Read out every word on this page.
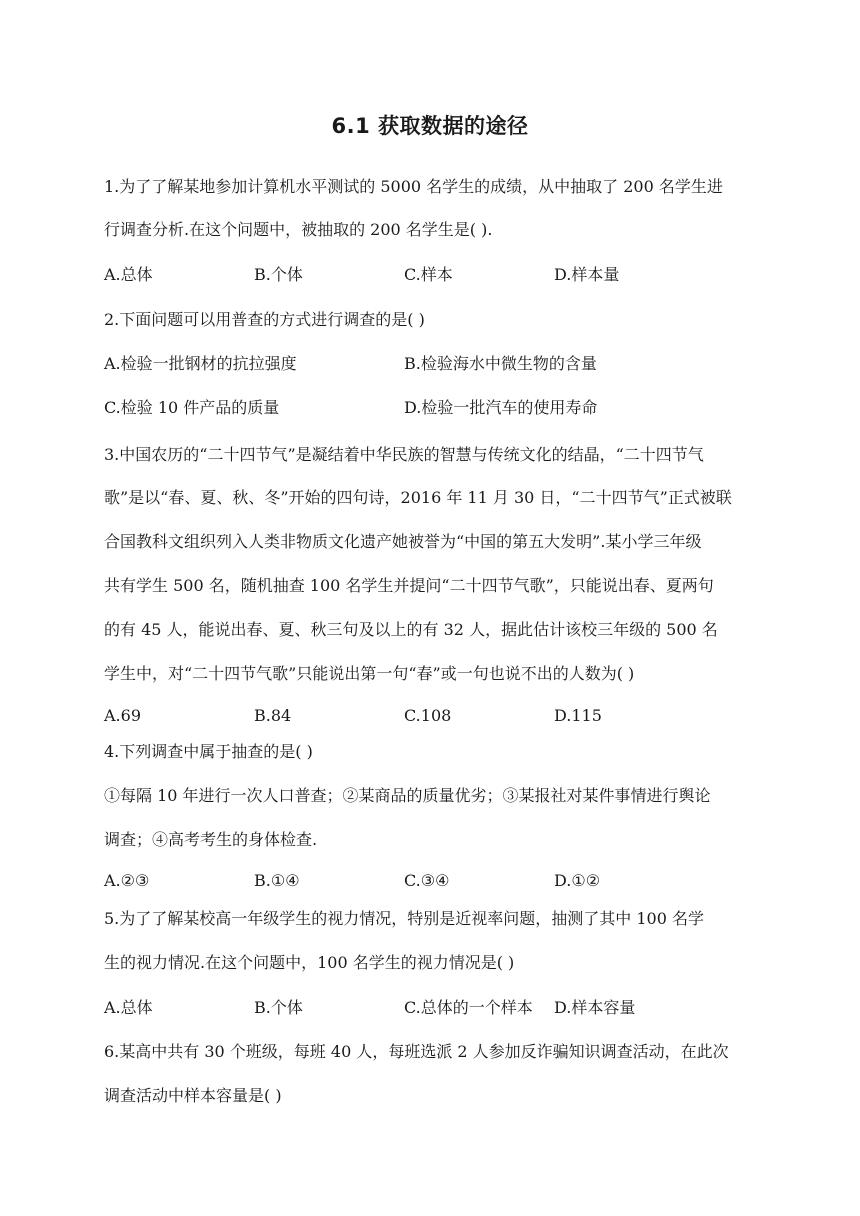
6.1 获取数据的途径
1.为了了解某地参加计算机水平测试的 5000 名学生的成绩，从中抽取了 200 名学生进
行调查分析.在这个问题中，被抽取的 200 名学生是( ).
A.总体	B.个体	C.样本	D.样本量
2.下面问题可以用普查的方式进行调查的是( )
A.检验一批钢材的抗拉强度	B.检验海水中微生物的含量
C.检验 10 件产品的质量	D.检验一批汽车的使用寿命
3.中国农历的“二十四节气”是凝结着中华民族的智慧与传统文化的结晶，“二十四节气
歌”是以“春、夏、秋、冬”开始的四句诗，2016 年 11 月 30 日，“二十四节气”正式被联
合国教科文组织列入人类非物质文化遗产她被誉为“中国的第五大发明”.某小学三年级
共有学生 500 名，随机抽查 100 名学生并提问“二十四节气歌”，只能说出春、夏两句
的有 45 人，能说出春、夏、秋三句及以上的有 32 人，据此估计该校三年级的 500 名
学生中，对“二十四节气歌”只能说出第一句“春”或一句也说不出的人数为( )
A.69	B.84	C.108	D.115
4.下列调查中属于抽查的是( )
①每隔 10 年进行一次人口普查；②某商品的质量优劣；③某报社对某件事情进行舆论
调查；④高考考生的身体检查.
A.②③	B.①④	C.③④	D.①②
5.为了了解某校高一年级学生的视力情况，特别是近视率问题，抽测了其中 100 名学
生的视力情况.在这个问题中，100 名学生的视力情况是( )
A.总体	B.个体	C.总体的一个样本 D.样本容量
6.某高中共有 30 个班级，每班 40 人，每班选派 2 人参加反诈骗知识调查活动，在此次
调查活动中样本容量是( )
